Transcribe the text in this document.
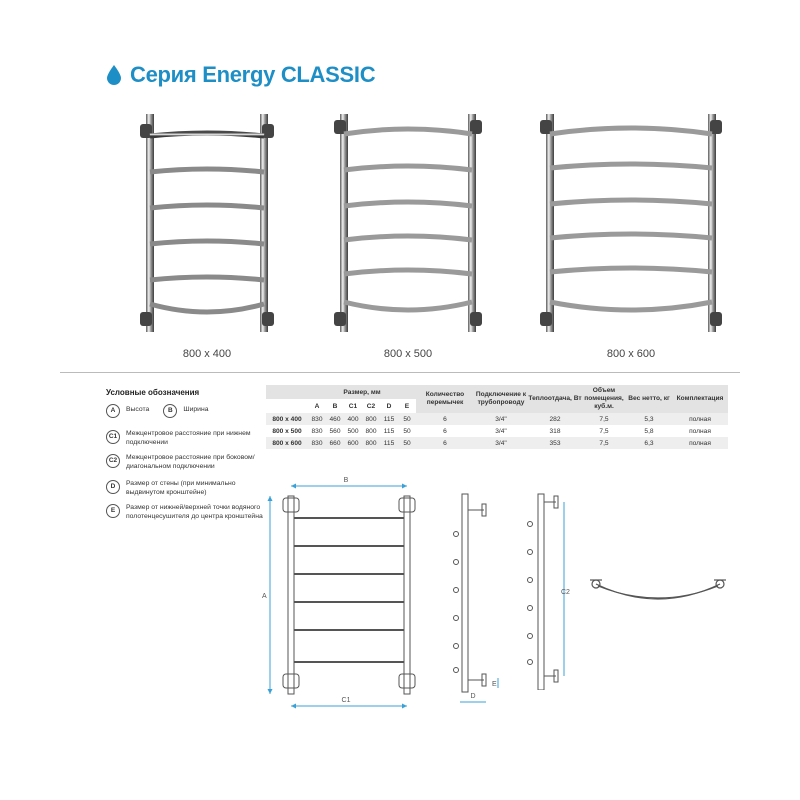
Серия Energy CLASSIC
800 x 400	800 x 500	800 x 600
Условные обозначения
A	Высота	B	Ширина
C1	Межцентровое расстояние при нижнем подключении
C2	Межцентровое расстояние при боковом/диагональном подключении
D	Размер от стены (при минимально выдвинутом кронштейне)
E	Размер от нижней/верхней точки водяного полотенцесушителя до центра кронштейна
	Размер, мм						Количество перемычек	Подключение к трубопроводу	Теплоотдача, Вт	Объем помещения, куб.м.	Вес нетто, кг	Комплектация
	A	B	C1	C2	D	E						
800 x 400	830	460	400	800	115	50	6	3/4"	282	7,5	5,3	полная
800 x 500	830	560	500	800	115	50	6	3/4"	318	7,5	5,8	полная
800 x 600	830	660	600	800	115	50	6	3/4"	353	7,5	6,3	полная
B
A
C1
D
E
C2
